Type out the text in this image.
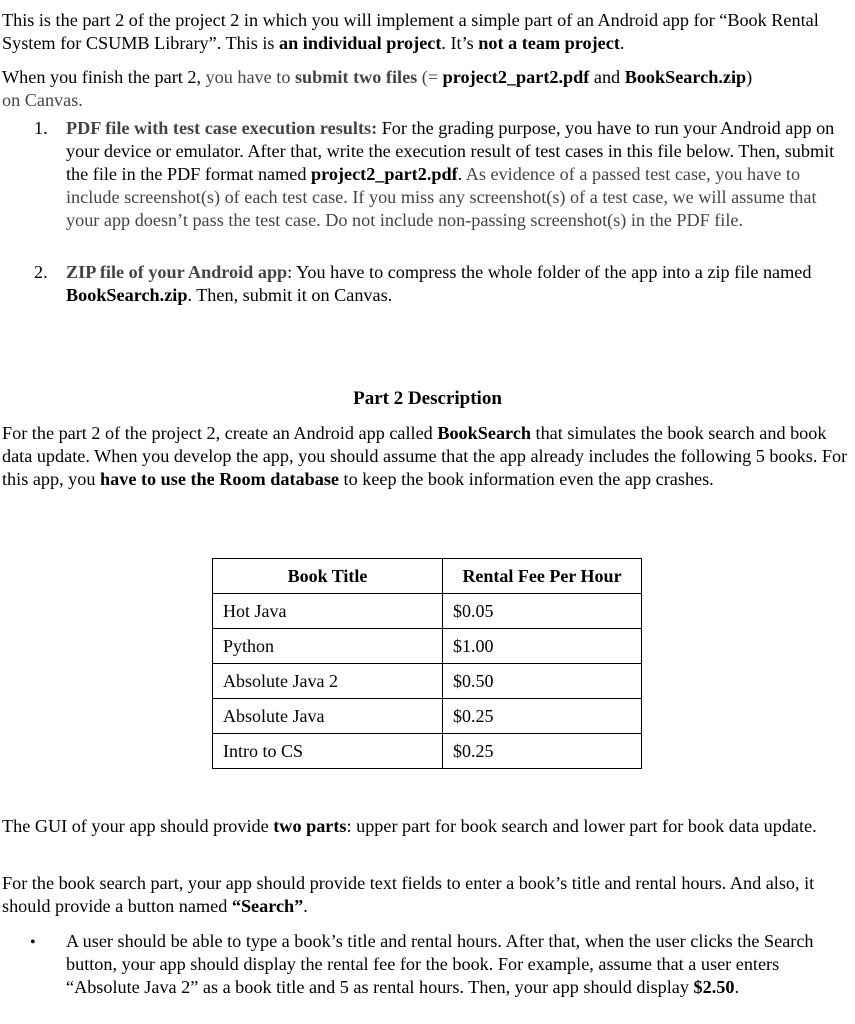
This is the part 2 of the project 2 in which you will implement a simple part of an Android app for “Book Rental System for CSUMB Library”. This is an individual project. It’s not a team project.

When you finish the part 2, you have to submit two files (= project2_part2.pdf and BookSearch.zip)
on Canvas.

1. PDF file with test case execution results: For the grading purpose, you have to run your Android app on your device or emulator. After that, write the execution result of test cases in this file below. Then, submit the file in the PDF format named project2_part2.pdf. As evidence of a passed test case, you have to include screenshot(s) of each test case. If you miss any screenshot(s) of a test case, we will assume that your app doesn’t pass the test case. Do not include non-passing screenshot(s) in the PDF file.

2. ZIP file of your Android app: You have to compress the whole folder of the app into a zip file named BookSearch.zip. Then, submit it on Canvas.

Part 2 Description

For the part 2 of the project 2, create an Android app called BookSearch that simulates the book search and book data update. When you develop the app, you should assume that the app already includes the following 5 books. For this app, you have to use the Room database to keep the book information even the app crashes.

Book Title	Rental Fee Per Hour
Hot Java	$0.05
Python	$1.00
Absolute Java 2	$0.50
Absolute Java	$0.25
Intro to CS	$0.25

The GUI of your app should provide two parts: upper part for book search and lower part for book data update.

For the book search part, your app should provide text fields to enter a book’s title and rental hours. And also, it should provide a button named “Search”.

• A user should be able to type a book’s title and rental hours. After that, when the user clicks the Search button, your app should display the rental fee for the book. For example, assume that a user enters “Absolute Java 2” as a book title and 5 as rental hours. Then, your app should display $2.50.
